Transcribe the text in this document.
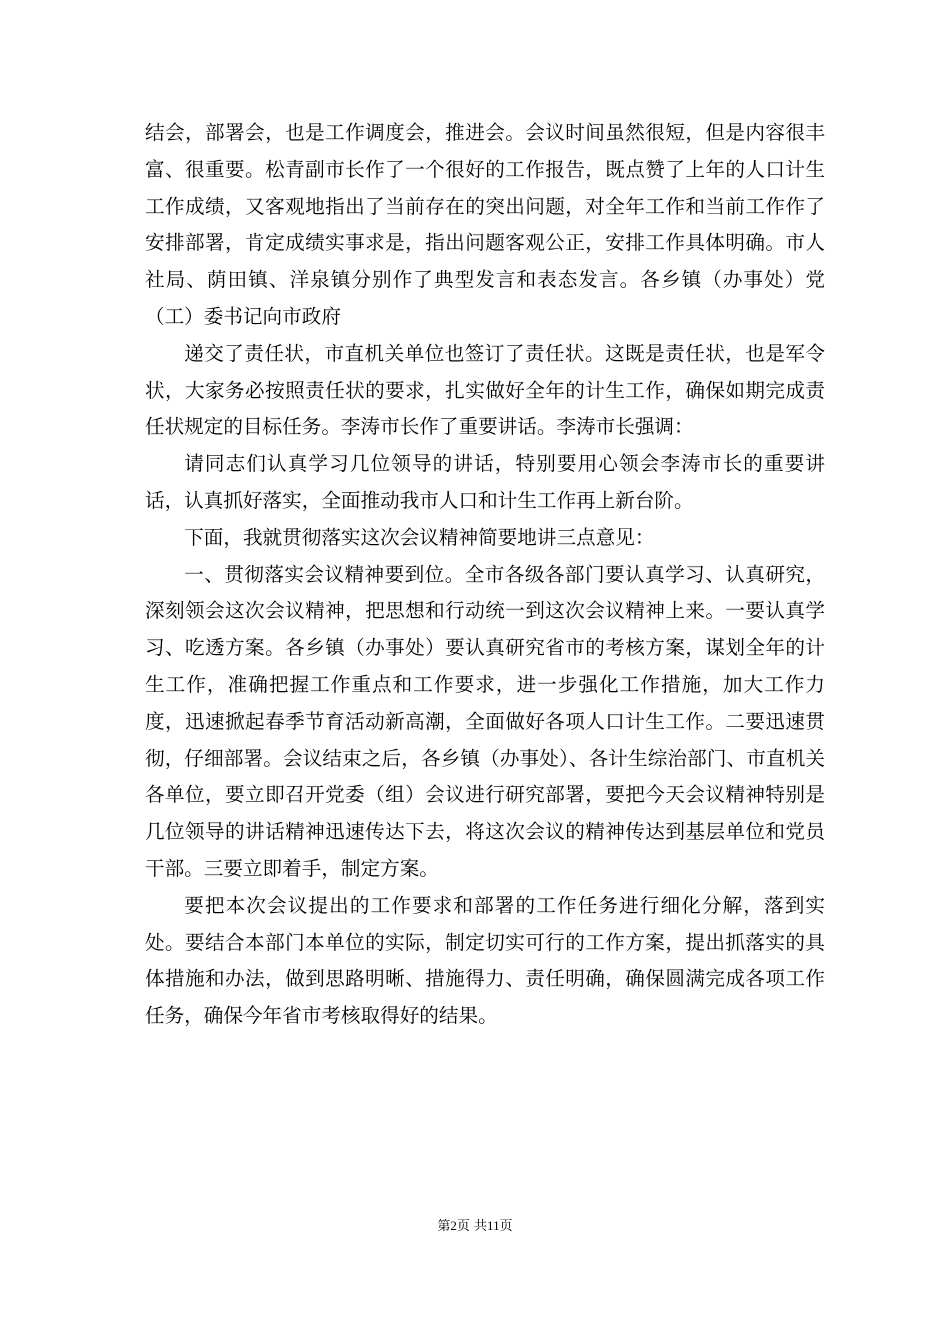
结会，部署会，也是工作调度会，推进会。会议时间虽然很短，但是内容很丰富、很重要。松青副市长作了一个很好的工作报告，既点赞了上年的人口计生工作成绩，又客观地指出了当前存在的突出问题，对全年工作和当前工作作了安排部署，肯定成绩实事求是，指出问题客观公正，安排工作具体明确。市人社局、荫田镇、洋泉镇分别作了典型发言和表态发言。各乡镇（办事处）党（工）委书记向市政府

递交了责任状，市直机关单位也签订了责任状。这既是责任状，也是军令状，大家务必按照责任状的要求，扎实做好全年的计生工作，确保如期完成责任状规定的目标任务。李涛市长作了重要讲话。李涛市长强调：

请同志们认真学习几位领导的讲话，特别要用心领会李涛市长的重要讲话，认真抓好落实，全面推动我市人口和计生工作再上新台阶。

下面，我就贯彻落实这次会议精神简要地讲三点意见：

一、贯彻落实会议精神要到位。全市各级各部门要认真学习、认真研究，深刻领会这次会议精神，把思想和行动统一到这次会议精神上来。一要认真学习、吃透方案。各乡镇（办事处）要认真研究省市的考核方案，谋划全年的计生工作，准确把握工作重点和工作要求，进一步强化工作措施，加大工作力度，迅速掀起春季节育活动新高潮，全面做好各项人口计生工作。二要迅速贯彻，仔细部署。会议结束之后，各乡镇（办事处）、各计生综治部门、市直机关各单位，要立即召开党委（组）会议进行研究部署，要把今天会议精神特别是几位领导的讲话精神迅速传达下去，将这次会议的精神传达到基层单位和党员干部。三要立即着手，制定方案。

要把本次会议提出的工作要求和部署的工作任务进行细化分解，落到实处。要结合本部门本单位的实际，制定切实可行的工作方案，提出抓落实的具体措施和办法，做到思路明晰、措施得力、责任明确，确保圆满完成各项工作任务，确保今年省市考核取得好的结果。

第2页 共11页
